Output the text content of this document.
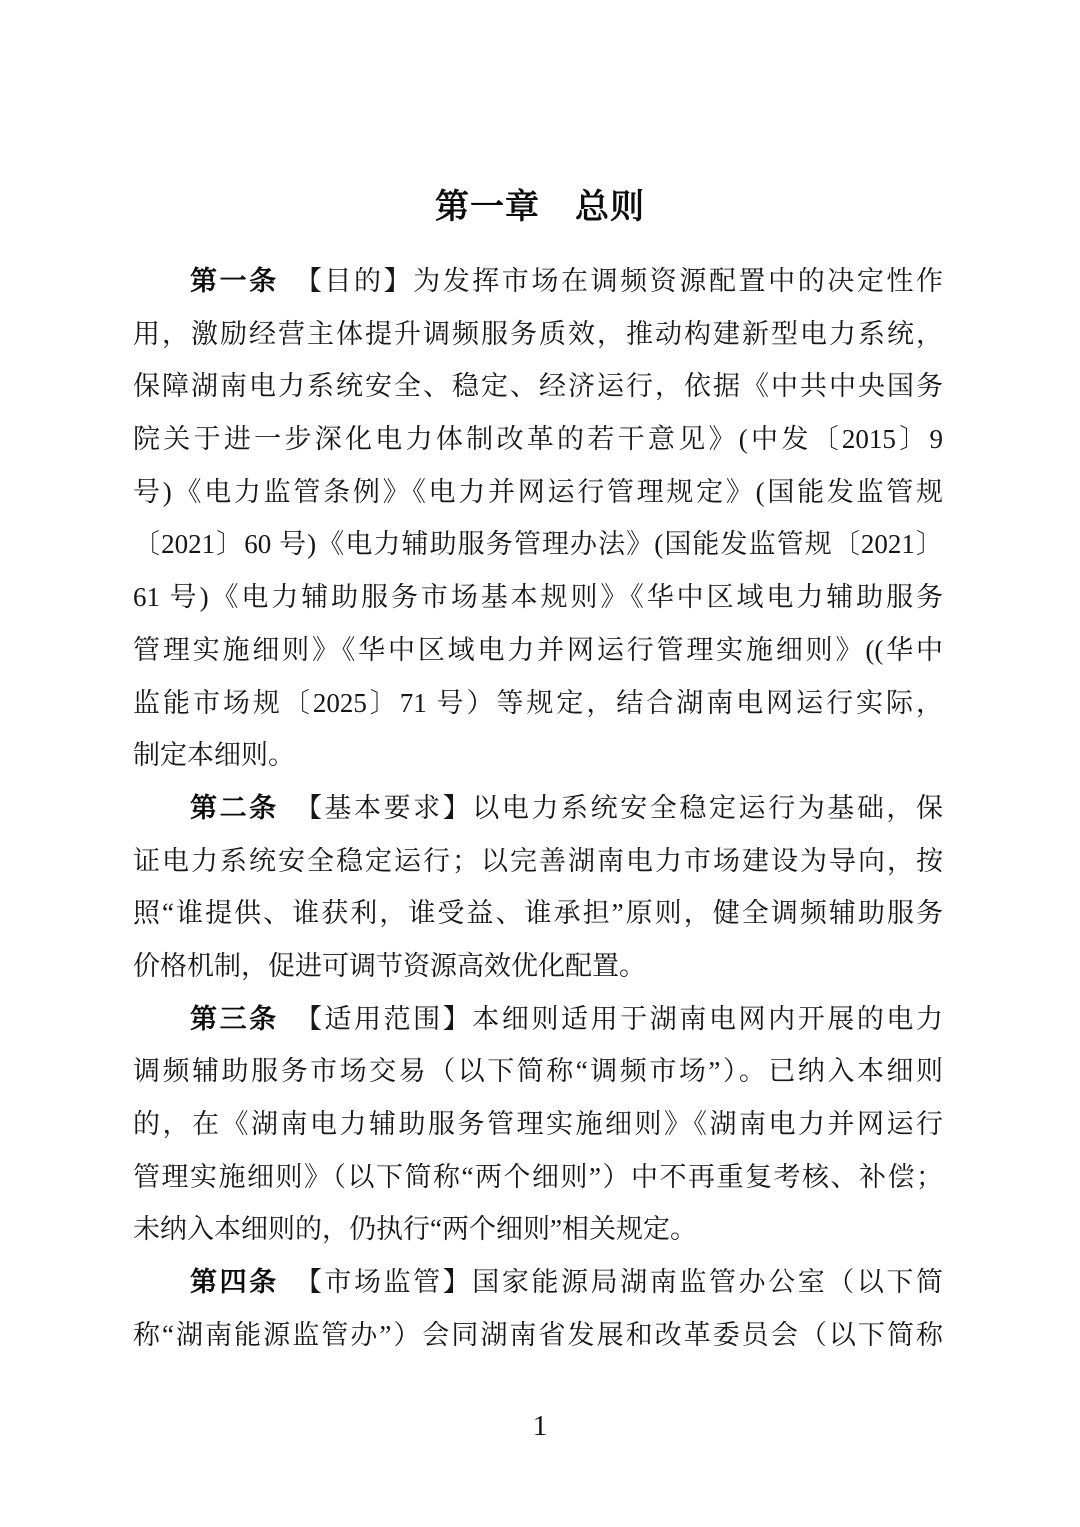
第一章　总则
第一条　【目的】为发挥市场在调频资源配置中的决定性作
用，激励经营主体提升调频服务质效，推动构建新型电力系统，
保障湖南电力系统安全、稳定、经济运行，依据《中共中央国务
院关于进一步深化电力体制改革的若干意见》(中发〔2015〕9
号)《电力监管条例》《电力并网运行管理规定》(国能发监管规
〔2021〕60 号)《电力辅助服务管理办法》(国能发监管规〔2021〕
61 号)《电力辅助服务市场基本规则》《华中区域电力辅助服务
管理实施细则》《华中区域电力并网运行管理实施细则》((华中
监能市场规〔2025〕71 号）等规定，结合湖南电网运行实际，
制定本细则。
第二条　【基本要求】以电力系统安全稳定运行为基础，保
证电力系统安全稳定运行；以完善湖南电力市场建设为导向，按
照“谁提供、谁获利，谁受益、谁承担”原则，健全调频辅助服务
价格机制，促进可调节资源高效优化配置。
第三条　【适用范围】本细则适用于湖南电网内开展的电力
调频辅助服务市场交易（以下简称“调频市场”）。已纳入本细则
的，在《湖南电力辅助服务管理实施细则》《湖南电力并网运行
管理实施细则》（以下简称“两个细则”）中不再重复考核、补偿；
未纳入本细则的，仍执行“两个细则”相关规定。
第四条　【市场监管】国家能源局湖南监管办公室（以下简
称“湖南能源监管办”）会同湖南省发展和改革委员会（以下简称
1
